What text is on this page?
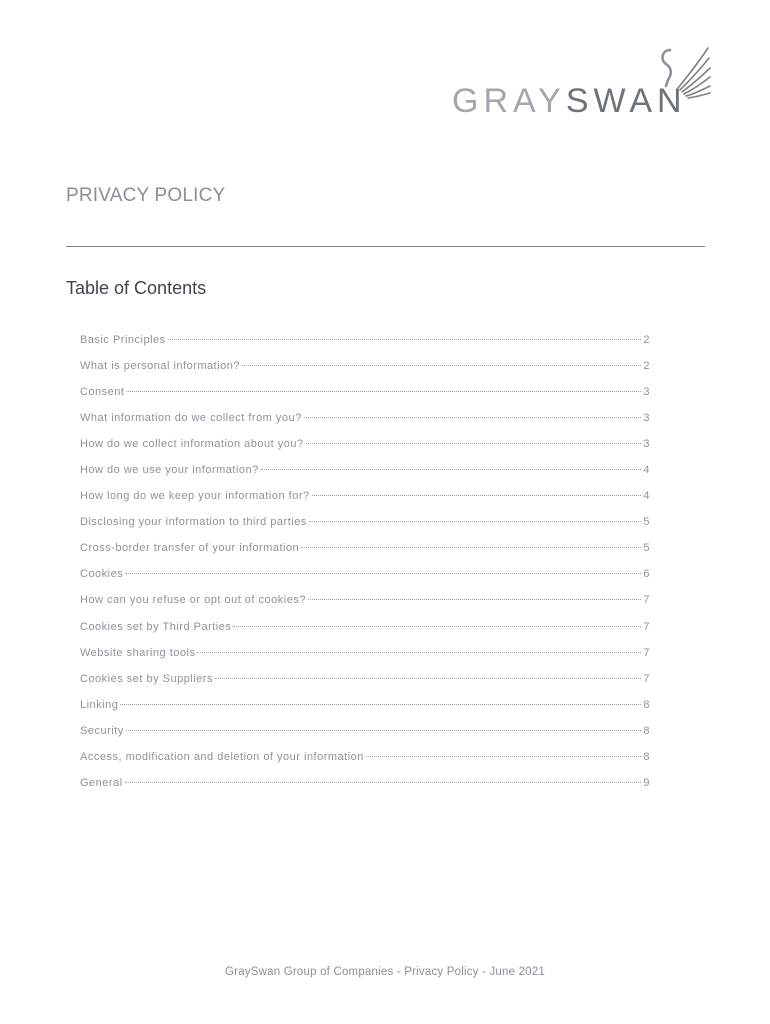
GRAYSWAN
PRIVACY POLICY
Table of Contents
Basic Principles	2
What is personal information?	2
Consent	3
What information do we collect from you?	3
How do we collect information about you?	3
How do we use your information?	4
How long do we keep your information for?	4
Disclosing your information to third parties	5
Cross-border transfer of your information	5
Cookies	6
How can you refuse or opt out of cookies?	7
Cookies set by Third Parties	7
Website sharing tools	7
Cookies set by Suppliers	7
Linking	8
Security	8
Access, modification and deletion of your information	8
General	9
GraySwan Group of Companies - Privacy Policy - June 2021
